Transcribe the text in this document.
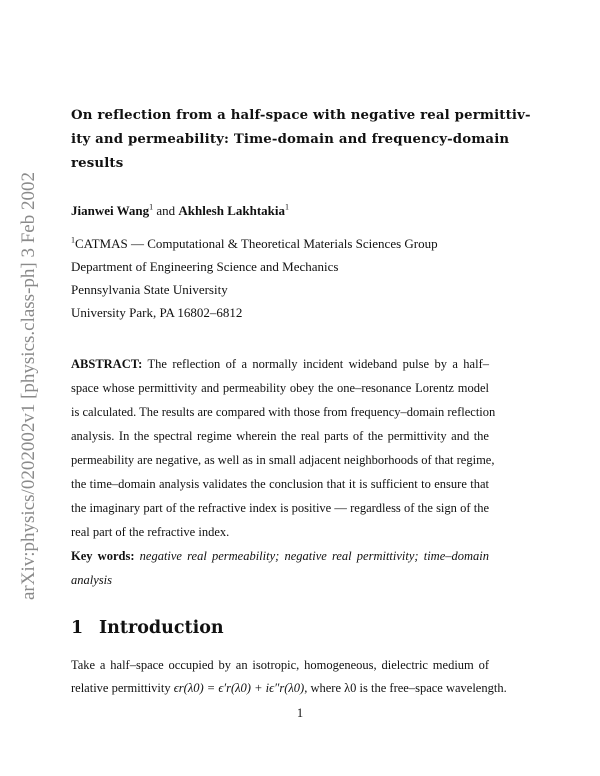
arXiv:physics/0202002v1 [physics.class-ph] 3 Feb 2002
On reflection from a half-space with negative real permittiv-
ity and permeability: Time-domain and frequency-domain
results
Jianwei Wang$^1$ and Akhlesh Lakhtakia$^1$
$^1$CATMAS — Computational & Theoretical Materials Sciences Group
Department of Engineering Science and Mechanics
Pennsylvania State University
University Park, PA 16802–6812
ABSTRACT: The reflection of a normally incident wideband pulse by a half–
space whose permittivity and permeability obey the one–resonance Lorentz model
is calculated. The results are compared with those from frequency–domain reflection
analysis. In the spectral regime wherein the real parts of the permittivity and the
permeability are negative, as well as in small adjacent neighborhoods of that regime,
the time–domain analysis validates the conclusion that it is sufficient to ensure that
the imaginary part of the refractive index is positive — regardless of the sign of the
real part of the refractive index.
Key words: negative real permeability; negative real permittivity; time–domain
analysis
1 Introduction
Take a half–space occupied by an isotropic, homogeneous, dielectric medium of
relative permittivity ϵr(λ0) = ϵ′r(λ0) + iϵ″r(λ0), where λ0 is the free–space wavelength.
1
